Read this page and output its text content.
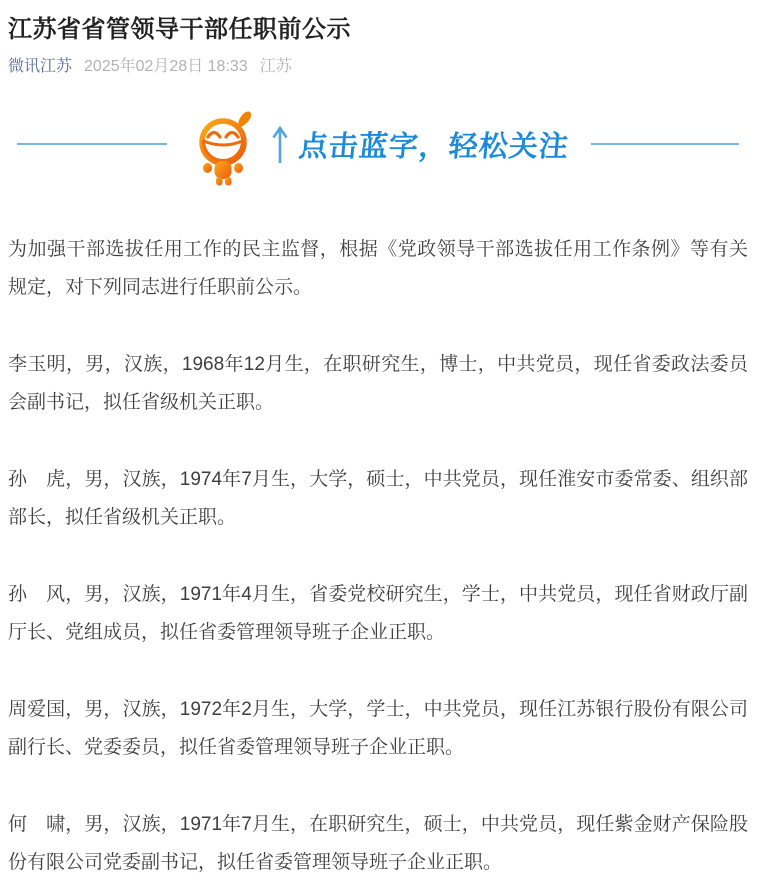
江苏省省管领导干部任职前公示
微讯江苏 2025年02月28日 18:33 江苏
点击蓝字，轻松关注

为加强干部选拔任用工作的民主监督，根据《党政领导干部选拔任用工作条例》等有关规定，对下列同志进行任职前公示。

李玉明，男，汉族，1968年12月生，在职研究生，博士，中共党员，现任省委政法委员会副书记，拟任省级机关正职。

孙　虎，男，汉族，1974年7月生，大学，硕士，中共党员，现任淮安市委常委、组织部部长，拟任省级机关正职。

孙　风，男，汉族，1971年4月生，省委党校研究生，学士，中共党员，现任省财政厅副厅长、党组成员，拟任省委管理领导班子企业正职。

周爱国，男，汉族，1972年2月生，大学，学士，中共党员，现任江苏银行股份有限公司副行长、党委委员，拟任省委管理领导班子企业正职。

何　啸，男，汉族，1971年7月生，在职研究生，硕士，中共党员，现任紫金财产保险股份有限公司党委副书记，拟任省委管理领导班子企业正职。
